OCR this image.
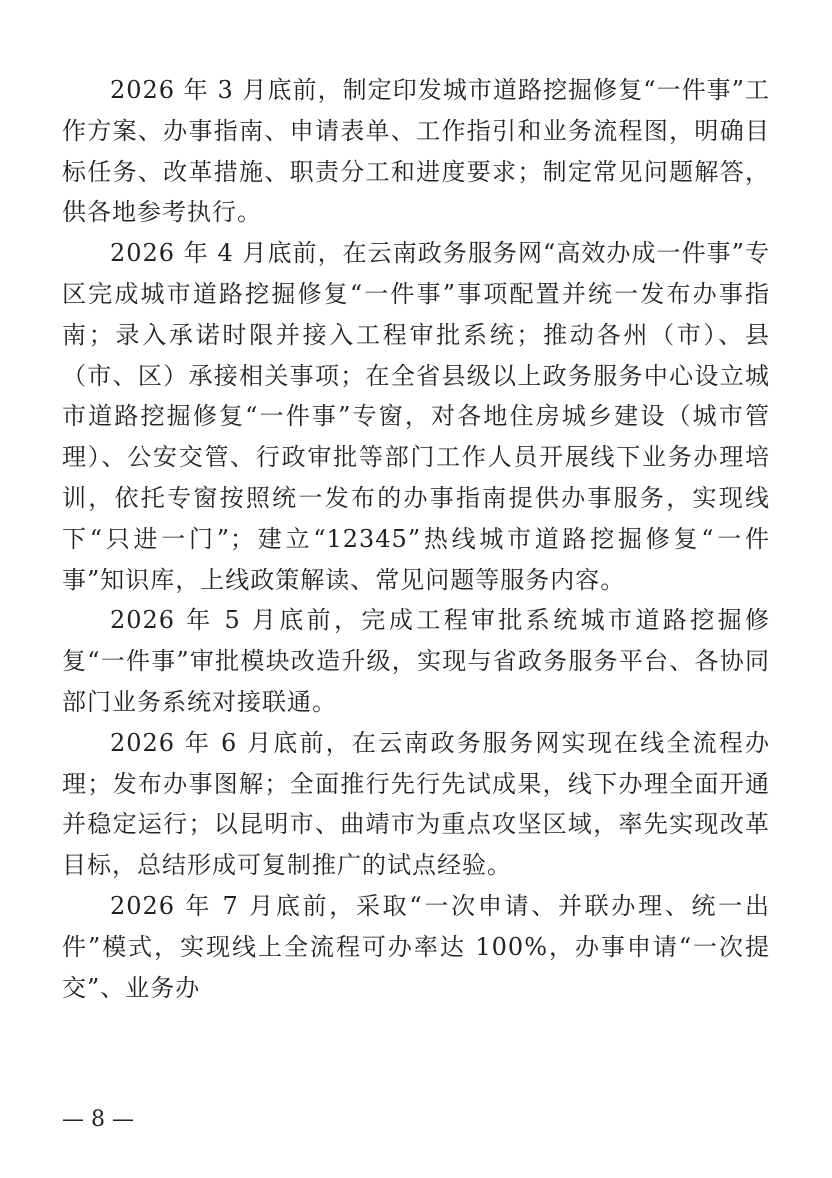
2026 年 3 月底前，制定印发城市道路挖掘修复“一件事”工作方案、办事指南、申请表单、工作指引和业务流程图，明确目标任务、改革措施、职责分工和进度要求；制定常见问题解答，供各地参考执行。

2026 年 4 月底前，在云南政务服务网“高效办成一件事”专区完成城市道路挖掘修复“一件事”事项配置并统一发布办事指南；录入承诺时限并接入工程审批系统；推动各州（市）、县（市、区）承接相关事项；在全省县级以上政务服务中心设立城市道路挖掘修复“一件事”专窗，对各地住房城乡建设（城市管理）、公安交管、行政审批等部门工作人员开展线下业务办理培训，依托专窗按照统一发布的办事指南提供办事服务，实现线下“只进一门”；建立“12345”热线城市道路挖掘修复“一件事”知识库，上线政策解读、常见问题等服务内容。

2026 年 5 月底前，完成工程审批系统城市道路挖掘修复“一件事”审批模块改造升级，实现与省政务服务平台、各协同部门业务系统对接联通。

2026 年 6 月底前，在云南政务服务网实现在线全流程办理；发布办事图解；全面推行先行先试成果，线下办理全面开通并稳定运行；以昆明市、曲靖市为重点攻坚区域，率先实现改革目标，总结形成可复制推广的试点经验。

2026 年 7 月底前，采取“一次申请、并联办理、统一出件”模式，实现线上全流程可办率达 100%，办事申请“一次提交”、业务办

— 8 —
